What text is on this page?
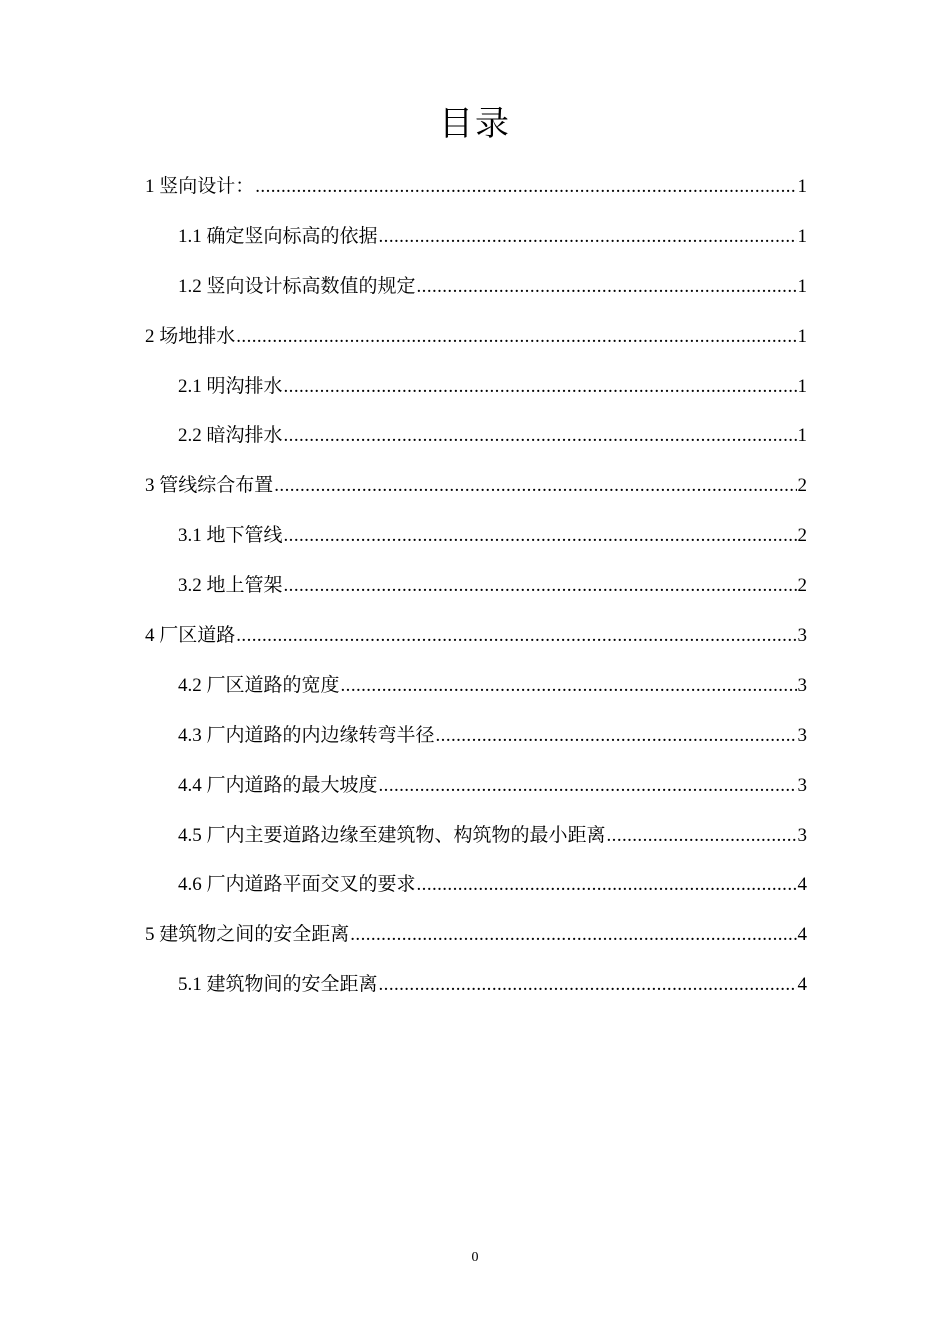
目录
1 竖向设计： .....	1
1.1 确定竖向标高的依据 .....	1
1.2 竖向设计标高数值的规定 .....	1
2 场地排水 .....	1
2.1 明沟排水 .....	1
2.2 暗沟排水 .....	1
3 管线综合布置 .....	2
3.1 地下管线 .....	2
3.2 地上管架 .....	2
4 厂区道路 .....	3
4.2 厂区道路的宽度 .....	3
4.3 厂内道路的内边缘转弯半径 .....	3
4.4 厂内道路的最大坡度 .....	3
4.5 厂内主要道路边缘至建筑物、构筑物的最小距离 .....	3
4.6 厂内道路平面交叉的要求 .....	4
5 建筑物之间的安全距离 .....	4
5.1 建筑物间的安全距离 .....	4
0
